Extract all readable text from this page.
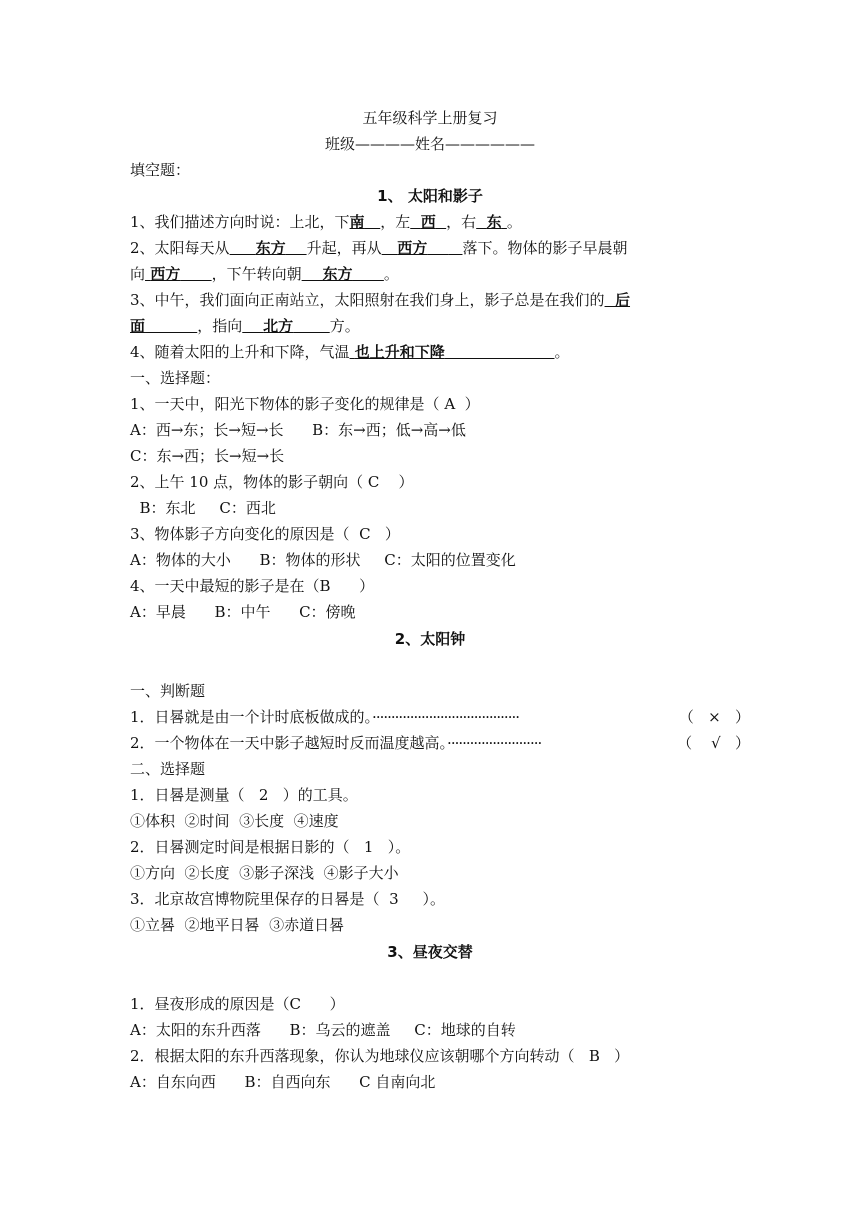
五年级科学上册复习
班级————姓名——————
填空题：
1、 太阳和影子
1、我们描述方向时说：上北，下南 ，左 西 ，右 东 。
2、太阳每天从 东方 升起，再从 西方 落下。物体的影子早晨朝
向 西方 ，下午转向朝 东方 。
3、中午，我们面向正南站立，太阳照射在我们身上，影子总是在我们的 后
面	，指向 北方 方。
4、随着太阳的上升和下降，气温 也上升和下降	。
一、选择题：
1、一天中，阳光下物体的影子变化的规律是（ A  ）
A：西→东；长→短→长      B：东→西；低→高→低
C：东→西；长→短→长
2、上午 10 点，物体的影子朝向（ C    ）
B：东北     C：西北
3、物体影子方向变化的原因是（  C   ）
A：物体的大小      B：物体的形状     C：太阳的位置变化
4、一天中最短的影子是在（B      ）
A：早晨      B：中午      C：傍晚
2、太阳钟
一、判断题
1．日晷就是由一个计时底板做成的。·······································	（   ×   ）
2．一个物体在一天中影子越短时反而温度越高。·························	（    √   ）
二、选择题
1．日晷是测量（   2   ）的工具。
①体积  ②时间  ③长度  ④速度
2．日晷测定时间是根据日影的（   1   ）。
①方向  ②长度  ③影子深浅  ④影子大小
3．北京故宫博物院里保存的日晷是（  3     ）。
①立晷  ②地平日晷  ③赤道日晷
3、昼夜交替
1．昼夜形成的原因是（C      ）
A：太阳的东升西落      B：乌云的遮盖     C：地球的自转
2．根据太阳的东升西落现象，你认为地球仪应该朝哪个方向转动（   B   ）
A：自东向西      B：自西向东      C 自南向北
